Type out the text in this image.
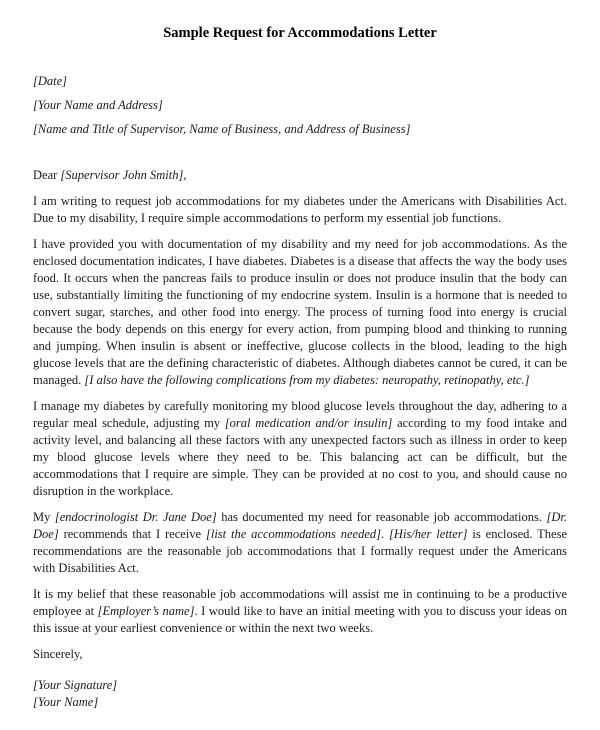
Sample Request for Accommodations Letter

[Date]

[Your Name and Address]

[Name and Title of Supervisor, Name of Business, and Address of Business]

Dear [Supervisor John Smith],

I am writing to request job accommodations for my diabetes under the Americans with Disabilities Act. Due to my disability, I require simple accommodations to perform my essential job functions.

I have provided you with documentation of my disability and my need for job accommodations. As the enclosed documentation indicates, I have diabetes. Diabetes is a disease that affects the way the body uses food. It occurs when the pancreas fails to produce insulin or does not produce insulin that the body can use, substantially limiting the functioning of my endocrine system. Insulin is a hormone that is needed to convert sugar, starches, and other food into energy. The process of turning food into energy is crucial because the body depends on this energy for every action, from pumping blood and thinking to running and jumping. When insulin is absent or ineffective, glucose collects in the blood, leading to the high glucose levels that are the defining characteristic of diabetes. Although diabetes cannot be cured, it can be managed. [I also have the following complications from my diabetes: neuropathy, retinopathy, etc.]

I manage my diabetes by carefully monitoring my blood glucose levels throughout the day, adhering to a regular meal schedule, adjusting my [oral medication and/or insulin] according to my food intake and activity level, and balancing all these factors with any unexpected factors such as illness in order to keep my blood glucose levels where they need to be. This balancing act can be difficult, but the accommodations that I require are simple. They can be provided at no cost to you, and should cause no disruption in the workplace.

My [endocrinologist Dr. Jane Doe] has documented my need for reasonable job accommodations. [Dr. Doe] recommends that I receive [list the accommodations needed]. [His/her letter] is enclosed. These recommendations are the reasonable job accommodations that I formally request under the Americans with Disabilities Act.

It is my belief that these reasonable job accommodations will assist me in continuing to be a productive employee at [Employer’s name]. I would like to have an initial meeting with you to discuss your ideas on this issue at your earliest convenience or within the next two weeks.

Sincerely,

[Your Signature]

[Your Name]
